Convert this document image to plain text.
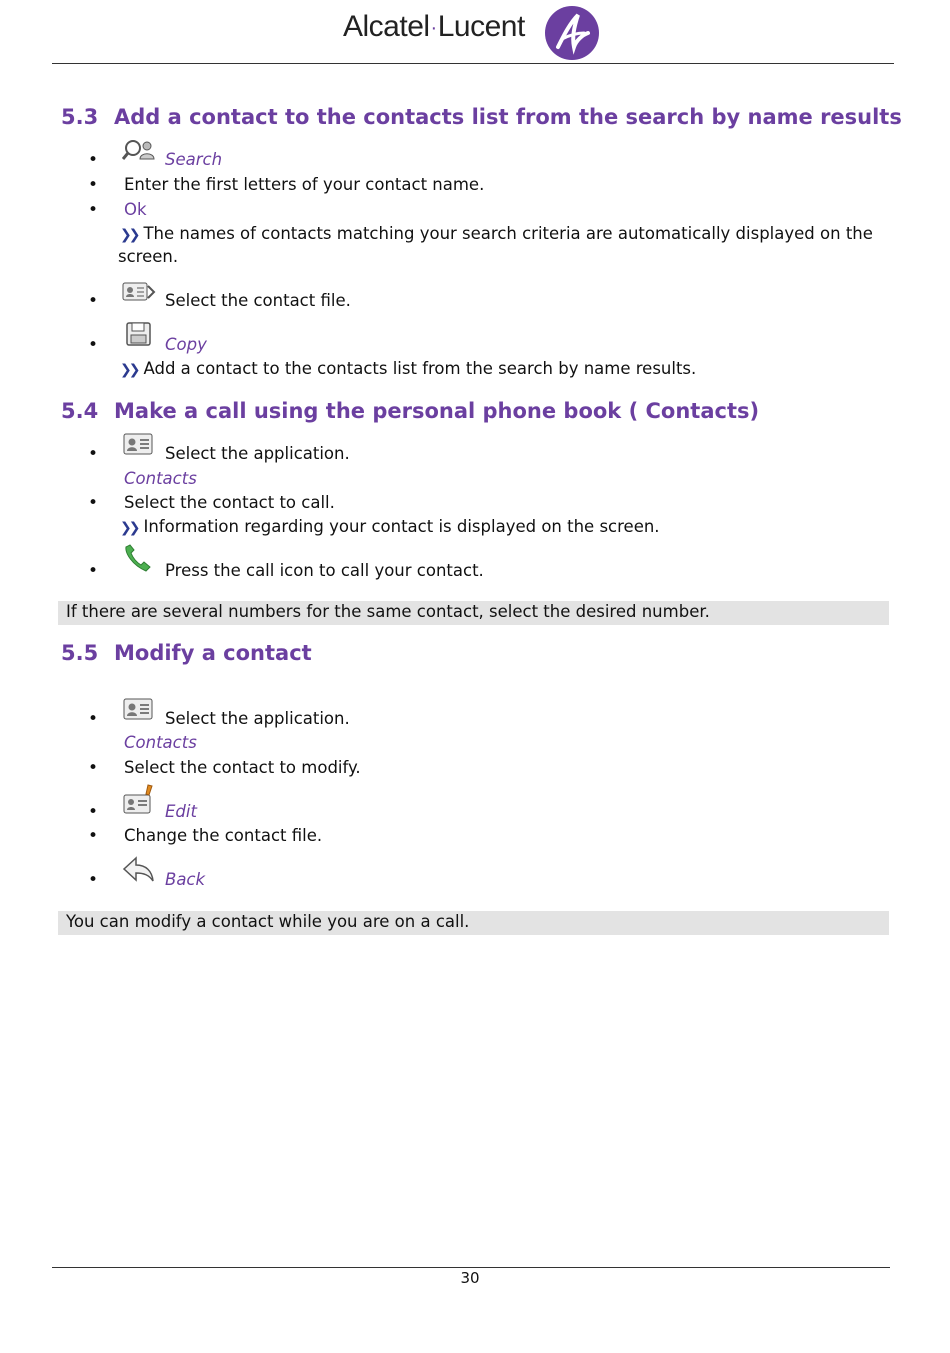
Alcatel·Lucent
5.3 Add a contact to the contacts list from the search by name results
•	Search
• Enter the first letters of your contact name.
• Ok
❯❯ The names of contacts matching your search criteria are automatically displayed on the
screen.
•	Select the contact file.
•	Copy
❯❯ Add a contact to the contacts list from the search by name results.
5.4 Make a call using the personal phone book ( Contacts)
•	Select the application.
Contacts
• Select the contact to call.
❯❯ Information regarding your contact is displayed on the screen.
•	Press the call icon to call your contact.
If there are several numbers for the same contact, select the desired number.
5.5 Modify a contact
•	Select the application.
Contacts
• Select the contact to modify.
•	Edit
• Change the contact file.
•	Back
You can modify a contact while you are on a call.
30
